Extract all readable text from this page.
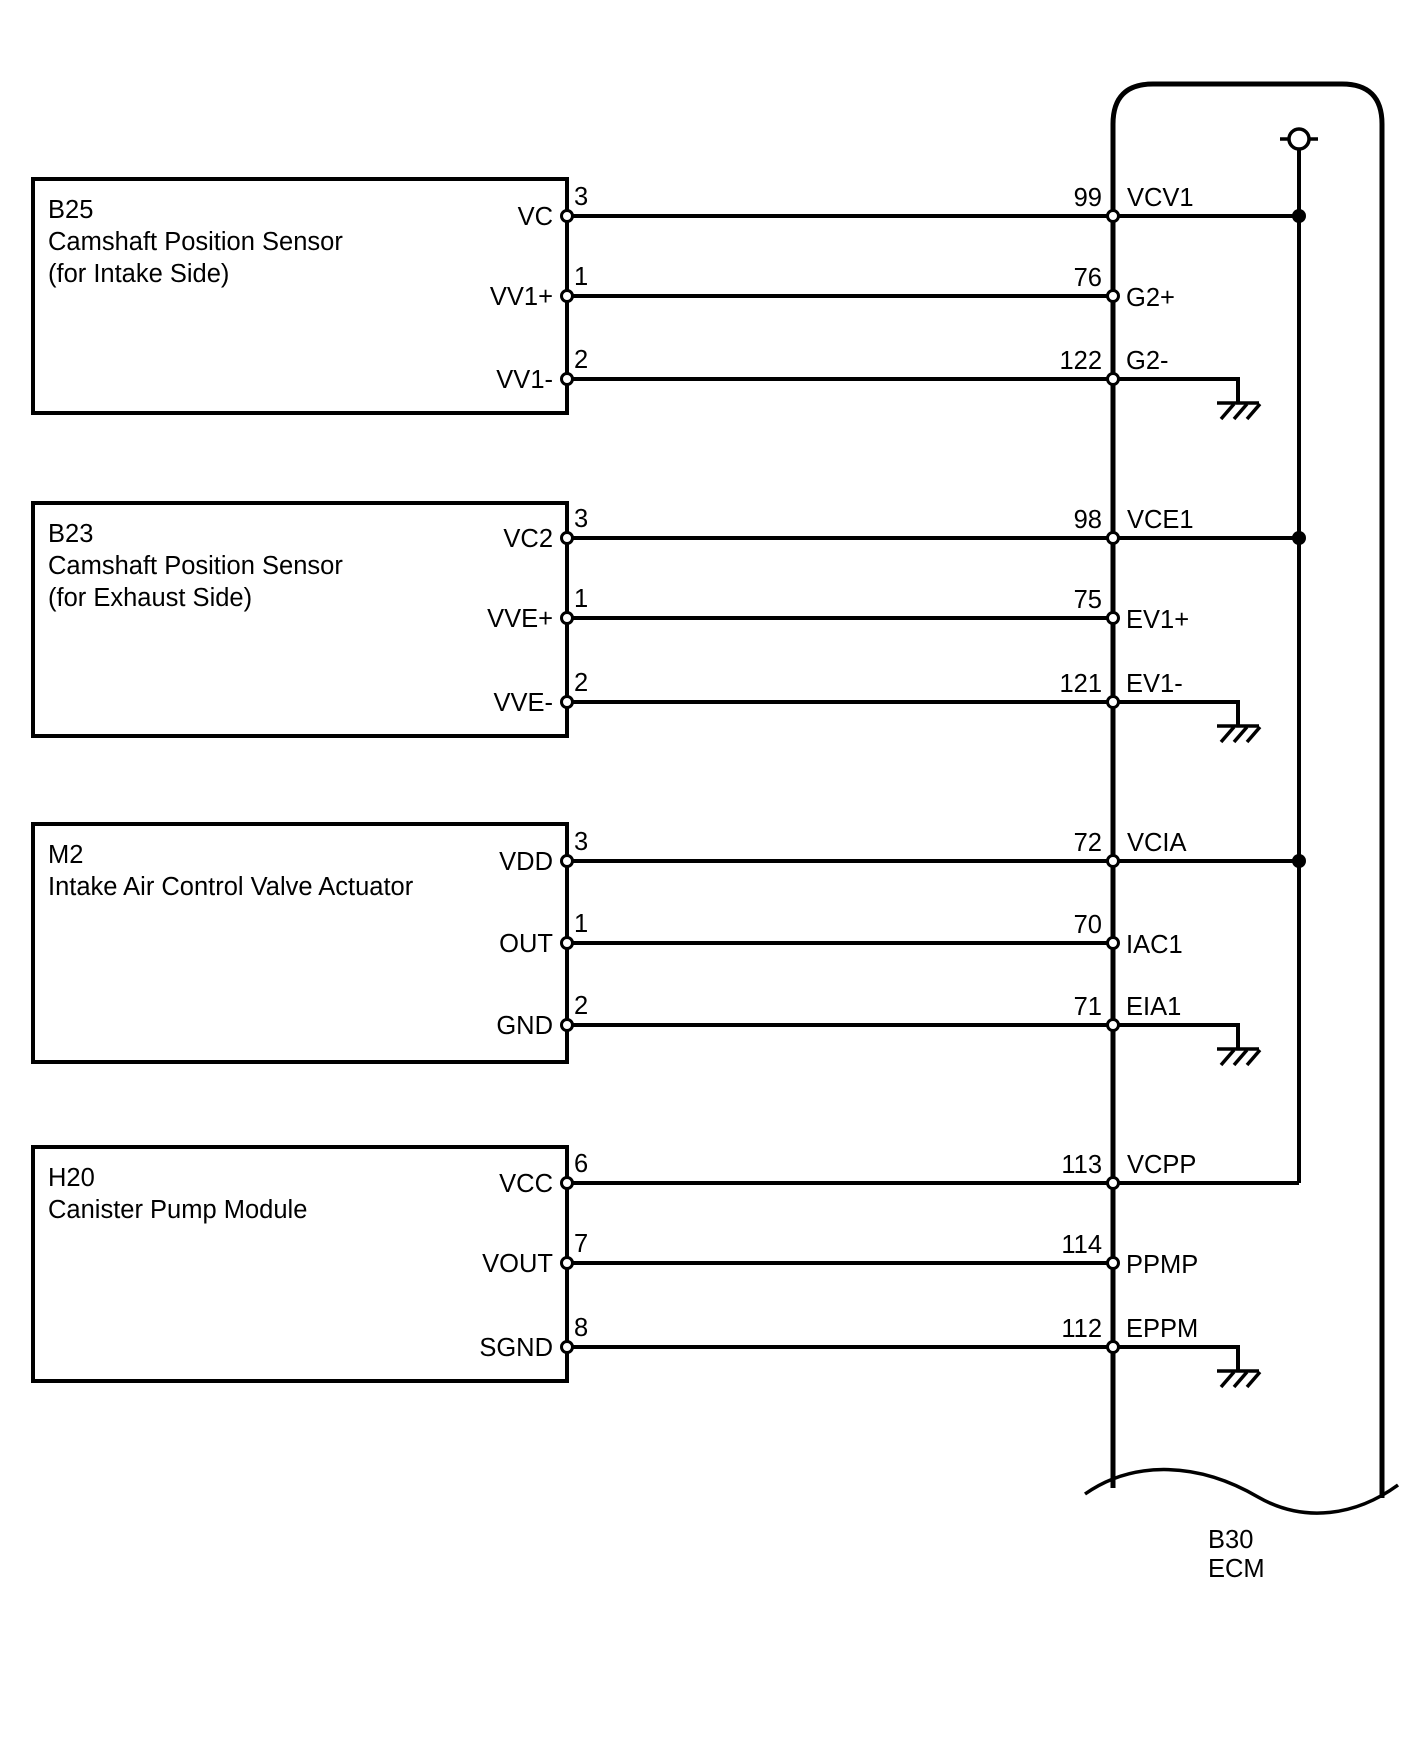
B25
Camshaft Position Sensor
(for Intake Side)
VC
3	99 VCV1
VV1+
1	76
G2+
VV1-
2	122 G2-
B23
Camshaft Position Sensor
(for Exhaust Side)
VC2
3	98 VCE1
VVE+
1	75
EV1+
VVE-
2	121 EV1-
M2
Intake Air Control Valve Actuator
VDD
3	72 VCIA
OUT
1	70
IAC1
GND
2	71 EIA1
H20
Canister Pump Module
VCC
6	113 VCPP
VOUT
7	114
PPMP
SGND
8	112 EPPM
B30
ECM
